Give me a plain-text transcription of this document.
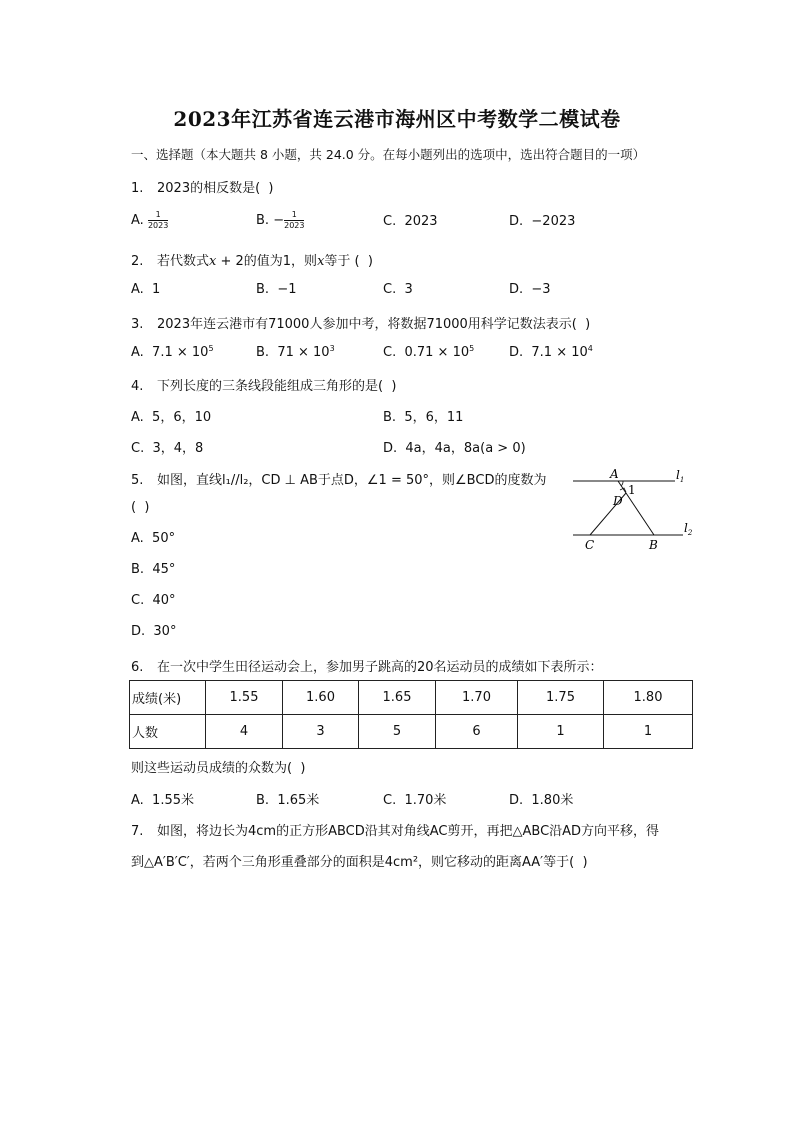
2023年江苏省连云港市海州区中考数学二模试卷
一、选择题（本大题共 8 小题，共 24.0 分。在每小题列出的选项中，选出符合题目的一项）
1. 2023的相反数是(  )
A. $\frac{1}{2023}$	B. − $\frac{1}{2023}$	C.  2023	D.  −2023
2. 若代数式x + 2的值为1，则x等于 (  )
A.  1	B.  −1	C.  3	D.  −3
3. 2023年连云港市有71000人参加中考，将数据71000用科学记数法表示(  )
A.  $7.1 \times 10^5$	B.  $71 \times 10^3$	C.  $0.71 \times 10^5$	D.  $7.1 \times 10^4$
4. 下列长度的三条线段能组成三角形的是(  )
A.  5，6，10	B.  5，6，11
C.  3，4，8	D.  4a，4a，8a(a > 0)
5. 如图，直线l₁//l₂，CD ⊥ AB于点D，∠1 = 50°，则∠BCD的度数为
(  )
A.  50°
B.  45°
C.  40°
D.  30°
A	$l_1$
1
D
$l_2$
C	B
6. 在一次中学生田径运动会上，参加男子跳高的20名运动员的成绩如下表所示：
成绩(米)	1.55	1.60	1.65	1.70	1.75	1.80
人数	4	3	5	6	1	1
则这些运动员成绩的众数为(  )
A.  1.55米	B.  1.65米	C.  1.70米	D.  1.80米
7. 如图，将边长为4cm的正方形ABCD沿其对角线AC剪开，再把△ABC沿AD方向平移，得
到△A′B′C′，若两个三角形重叠部分的面积是4cm²，则它移动的距离AA′等于(  )
